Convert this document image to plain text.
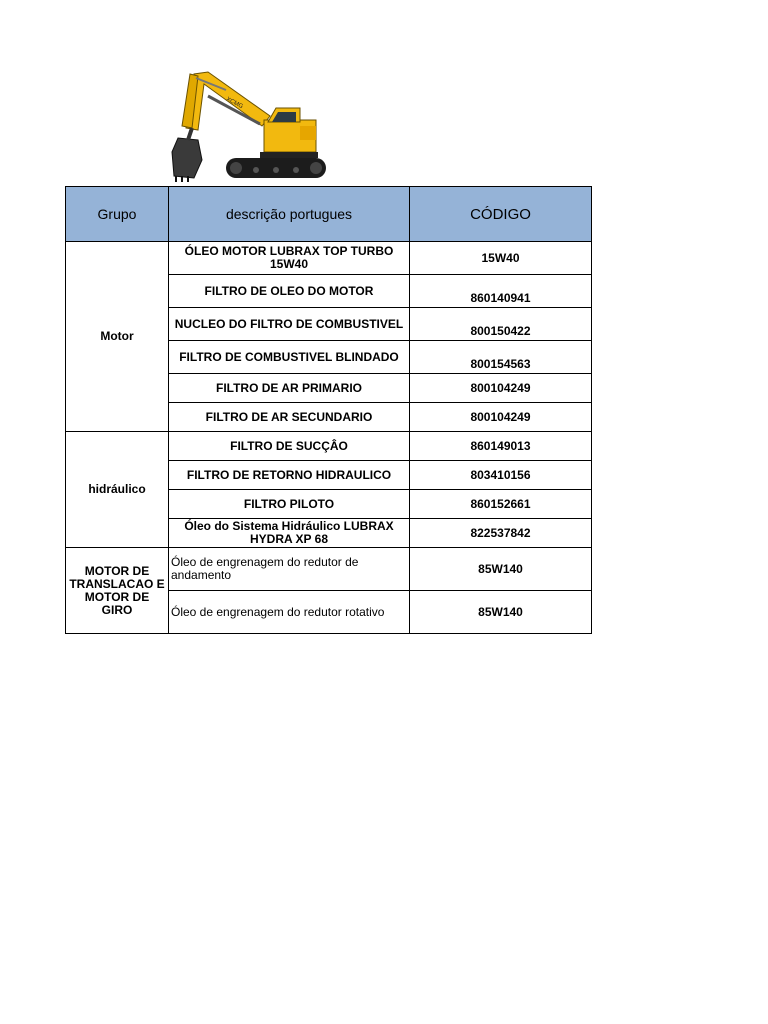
XCMG
Grupo	descrição portugues	CÓDIGO
Motor	ÓLEO MOTOR LUBRAX TOP TURBO 15W40	15W40
	FILTRO DE OLEO DO MOTOR	860140941
	NUCLEO DO FILTRO DE COMBUSTIVEL	800150422
	FILTRO DE COMBUSTIVEL BLINDADO	800154563
	FILTRO DE AR PRIMARIO	800104249
	FILTRO DE AR SECUNDARIO	800104249
hidráulico	FILTRO DE SUCÇÂO	860149013
	FILTRO DE RETORNO HIDRAULICO	803410156
	FILTRO PILOTO	860152661
	Óleo do Sistema Hidráulico LUBRAX HYDRA XP 68	822537842
MOTOR DE TRANSLACAO E MOTOR DE GIRO	Óleo de engrenagem do redutor de andamento	85W140
	Óleo de engrenagem do redutor rotativo	85W140
